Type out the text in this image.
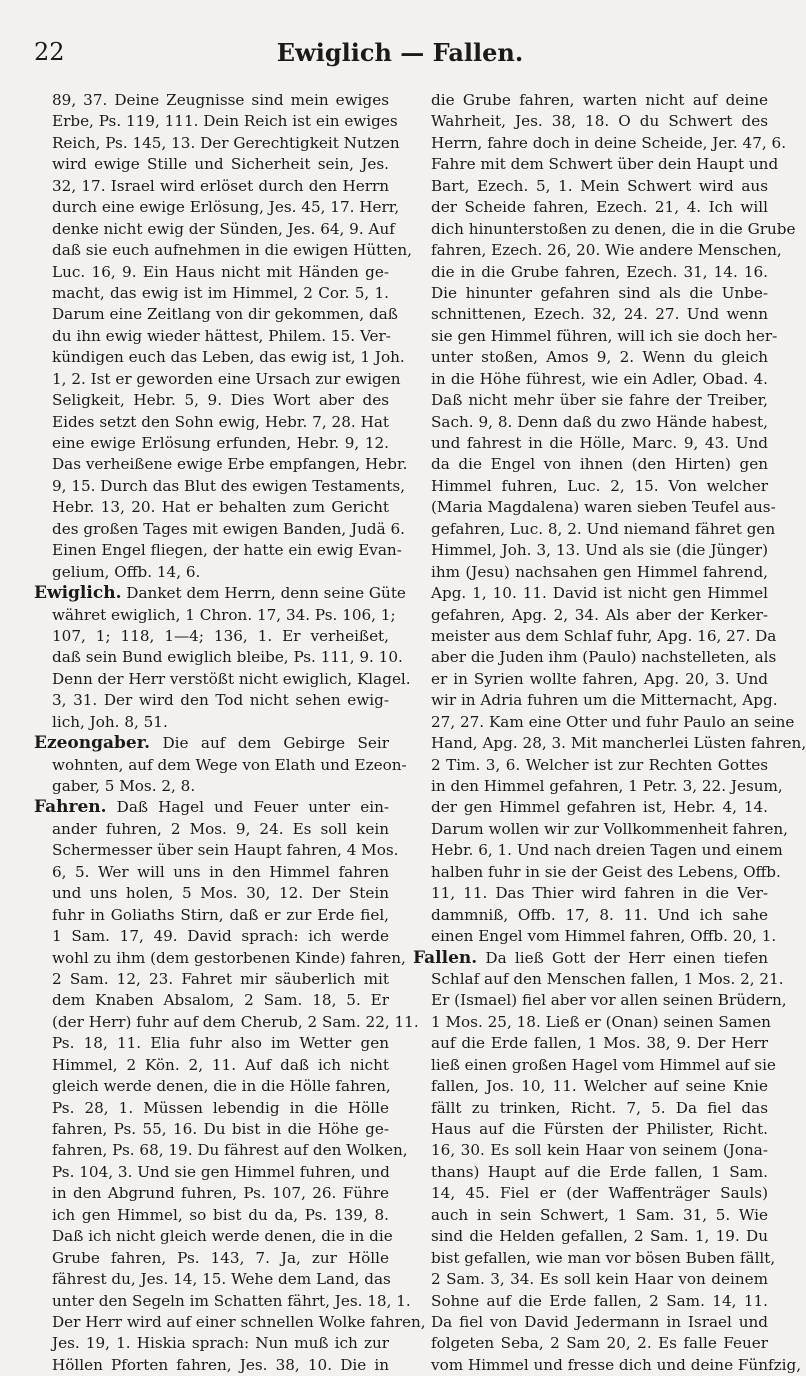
22	Ewiglich — Fallen.
89, 37. Deine Zeugnisse sind mein ewiges
Erbe, Ps. 119, 111. Dein Reich ist ein ewiges
Reich, Ps. 145, 13. Der Gerechtigkeit Nutzen
wird ewige Stille und Sicherheit sein, Jes.
32, 17. Israel wird erlöset durch den Herrn
durch eine ewige Erlösung, Jes. 45, 17. Herr,
denke nicht ewig der Sünden, Jes. 64, 9. Auf
daß sie euch aufnehmen in die ewigen Hütten,
Luc. 16, 9. Ein Haus nicht mit Händen ge-
macht, das ewig ist im Himmel, 2 Cor. 5, 1.
Darum eine Zeitlang von dir gekommen, daß
du ihn ewig wieder hättest, Philem. 15. Ver-
kündigen euch das Leben, das ewig ist, 1 Joh.
1, 2. Ist er geworden eine Ursach zur ewigen
Seligkeit, Hebr. 5, 9. Dies Wort aber des
Eides setzt den Sohn ewig, Hebr. 7, 28. Hat
eine ewige Erlösung erfunden, Hebr. 9, 12.
Das verheißene ewige Erbe empfangen, Hebr.
9, 15. Durch das Blut des ewigen Testaments,
Hebr. 13, 20. Hat er behalten zum Gericht
des großen Tages mit ewigen Banden, Judä 6.
Einen Engel fliegen, der hatte ein ewig Evan-
gelium, Offb. 14, 6.
Ewiglich. Danket dem Herrn, denn seine Güte
währet ewiglich, 1 Chron. 17, 34. Ps. 106, 1;
107, 1; 118, 1—4; 136, 1. Er verheißet,
daß sein Bund ewiglich bleibe, Ps. 111, 9. 10.
Denn der Herr verstößt nicht ewiglich, Klagel.
3, 31. Der wird den Tod nicht sehen ewig-
lich, Joh. 8, 51.
Ezeongaber. Die auf dem Gebirge Seir
wohnten, auf dem Wege von Elath und Ezeon-
gaber, 5 Mos. 2, 8.
Fahren. Daß Hagel und Feuer unter ein-
ander fuhren, 2 Mos. 9, 24. Es soll kein
Schermesser über sein Haupt fahren, 4 Mos.
6, 5. Wer will uns in den Himmel fahren
und uns holen, 5 Mos. 30, 12. Der Stein
fuhr in Goliaths Stirn, daß er zur Erde fiel,
1 Sam. 17, 49. David sprach: ich werde
wohl zu ihm (dem gestorbenen Kinde) fahren,
2 Sam. 12, 23. Fahret mir säuberlich mit
dem Knaben Absalom, 2 Sam. 18, 5. Er
(der Herr) fuhr auf dem Cherub, 2 Sam. 22, 11.
Ps. 18, 11. Elia fuhr also im Wetter gen
Himmel, 2 Kön. 2, 11. Auf daß ich nicht
gleich werde denen, die in die Hölle fahren,
Ps. 28, 1. Müssen lebendig in die Hölle
fahren, Ps. 55, 16. Du bist in die Höhe ge-
fahren, Ps. 68, 19. Du fährest auf den Wolken,
Ps. 104, 3. Und sie gen Himmel fuhren, und
in den Abgrund fuhren, Ps. 107, 26. Führe
ich gen Himmel, so bist du da, Ps. 139, 8.
Daß ich nicht gleich werde denen, die in die
Grube fahren, Ps. 143, 7. Ja, zur Hölle
fährest du, Jes. 14, 15. Wehe dem Land, das
unter den Segeln im Schatten fährt, Jes. 18, 1.
Der Herr wird auf einer schnellen Wolke fahren,
Jes. 19, 1. Hiskia sprach: Nun muß ich zur
Höllen Pforten fahren, Jes. 38, 10. Die in
die Grube fahren, warten nicht auf deine
Wahrheit, Jes. 38, 18. O du Schwert des
Herrn, fahre doch in deine Scheide, Jer. 47, 6.
Fahre mit dem Schwert über dein Haupt und
Bart, Ezech. 5, 1. Mein Schwert wird aus
der Scheide fahren, Ezech. 21, 4. Ich will
dich hinunterstoßen zu denen, die in die Grube
fahren, Ezech. 26, 20. Wie andere Menschen,
die in die Grube fahren, Ezech. 31, 14. 16.
Die hinunter gefahren sind als die Unbe-
schnittenen, Ezech. 32, 24. 27. Und wenn
sie gen Himmel führen, will ich sie doch her-
unter stoßen, Amos 9, 2. Wenn du gleich
in die Höhe führest, wie ein Adler, Obad. 4.
Daß nicht mehr über sie fahre der Treiber,
Sach. 9, 8. Denn daß du zwo Hände habest,
und fahrest in die Hölle, Marc. 9, 43. Und
da die Engel von ihnen (den Hirten) gen
Himmel fuhren, Luc. 2, 15. Von welcher
(Maria Magdalena) waren sieben Teufel aus-
gefahren, Luc. 8, 2. Und niemand fähret gen
Himmel, Joh. 3, 13. Und als sie (die Jünger)
ihm (Jesu) nachsahen gen Himmel fahrend,
Apg. 1, 10. 11. David ist nicht gen Himmel
gefahren, Apg. 2, 34. Als aber der Kerker-
meister aus dem Schlaf fuhr, Apg. 16, 27. Da
aber die Juden ihm (Paulo) nachstelleten, als
er in Syrien wollte fahren, Apg. 20, 3. Und
wir in Adria fuhren um die Mitternacht, Apg.
27, 27. Kam eine Otter und fuhr Paulo an seine
Hand, Apg. 28, 3. Mit mancherlei Lüsten fahren,
2 Tim. 3, 6. Welcher ist zur Rechten Gottes
in den Himmel gefahren, 1 Petr. 3, 22. Jesum,
der gen Himmel gefahren ist, Hebr. 4, 14.
Darum wollen wir zur Vollkommenheit fahren,
Hebr. 6, 1. Und nach dreien Tagen und einem
halben fuhr in sie der Geist des Lebens, Offb.
11, 11. Das Thier wird fahren in die Ver-
dammniß, Offb. 17, 8. 11. Und ich sahe
einen Engel vom Himmel fahren, Offb. 20, 1.
Fallen. Da ließ Gott der Herr einen tiefen
Schlaf auf den Menschen fallen, 1 Mos. 2, 21.
Er (Ismael) fiel aber vor allen seinen Brüdern,
1 Mos. 25, 18. Ließ er (Onan) seinen Samen
auf die Erde fallen, 1 Mos. 38, 9. Der Herr
ließ einen großen Hagel vom Himmel auf sie
fallen, Jos. 10, 11. Welcher auf seine Knie
fällt zu trinken, Richt. 7, 5. Da fiel das
Haus auf die Fürsten der Philister, Richt.
16, 30. Es soll kein Haar von seinem (Jona-
thans) Haupt auf die Erde fallen, 1 Sam.
14, 45. Fiel er (der Waffenträger Sauls)
auch in sein Schwert, 1 Sam. 31, 5. Wie
sind die Helden gefallen, 2 Sam. 1, 19. Du
bist gefallen, wie man vor bösen Buben fällt,
2 Sam. 3, 34. Es soll kein Haar von deinem
Sohne auf die Erde fallen, 2 Sam. 14, 11.
Da fiel von David Jedermann in Israel und
folgeten Seba, 2 Sam 20, 2. Es falle Feuer
vom Himmel und fresse dich und deine Fünfzig,
